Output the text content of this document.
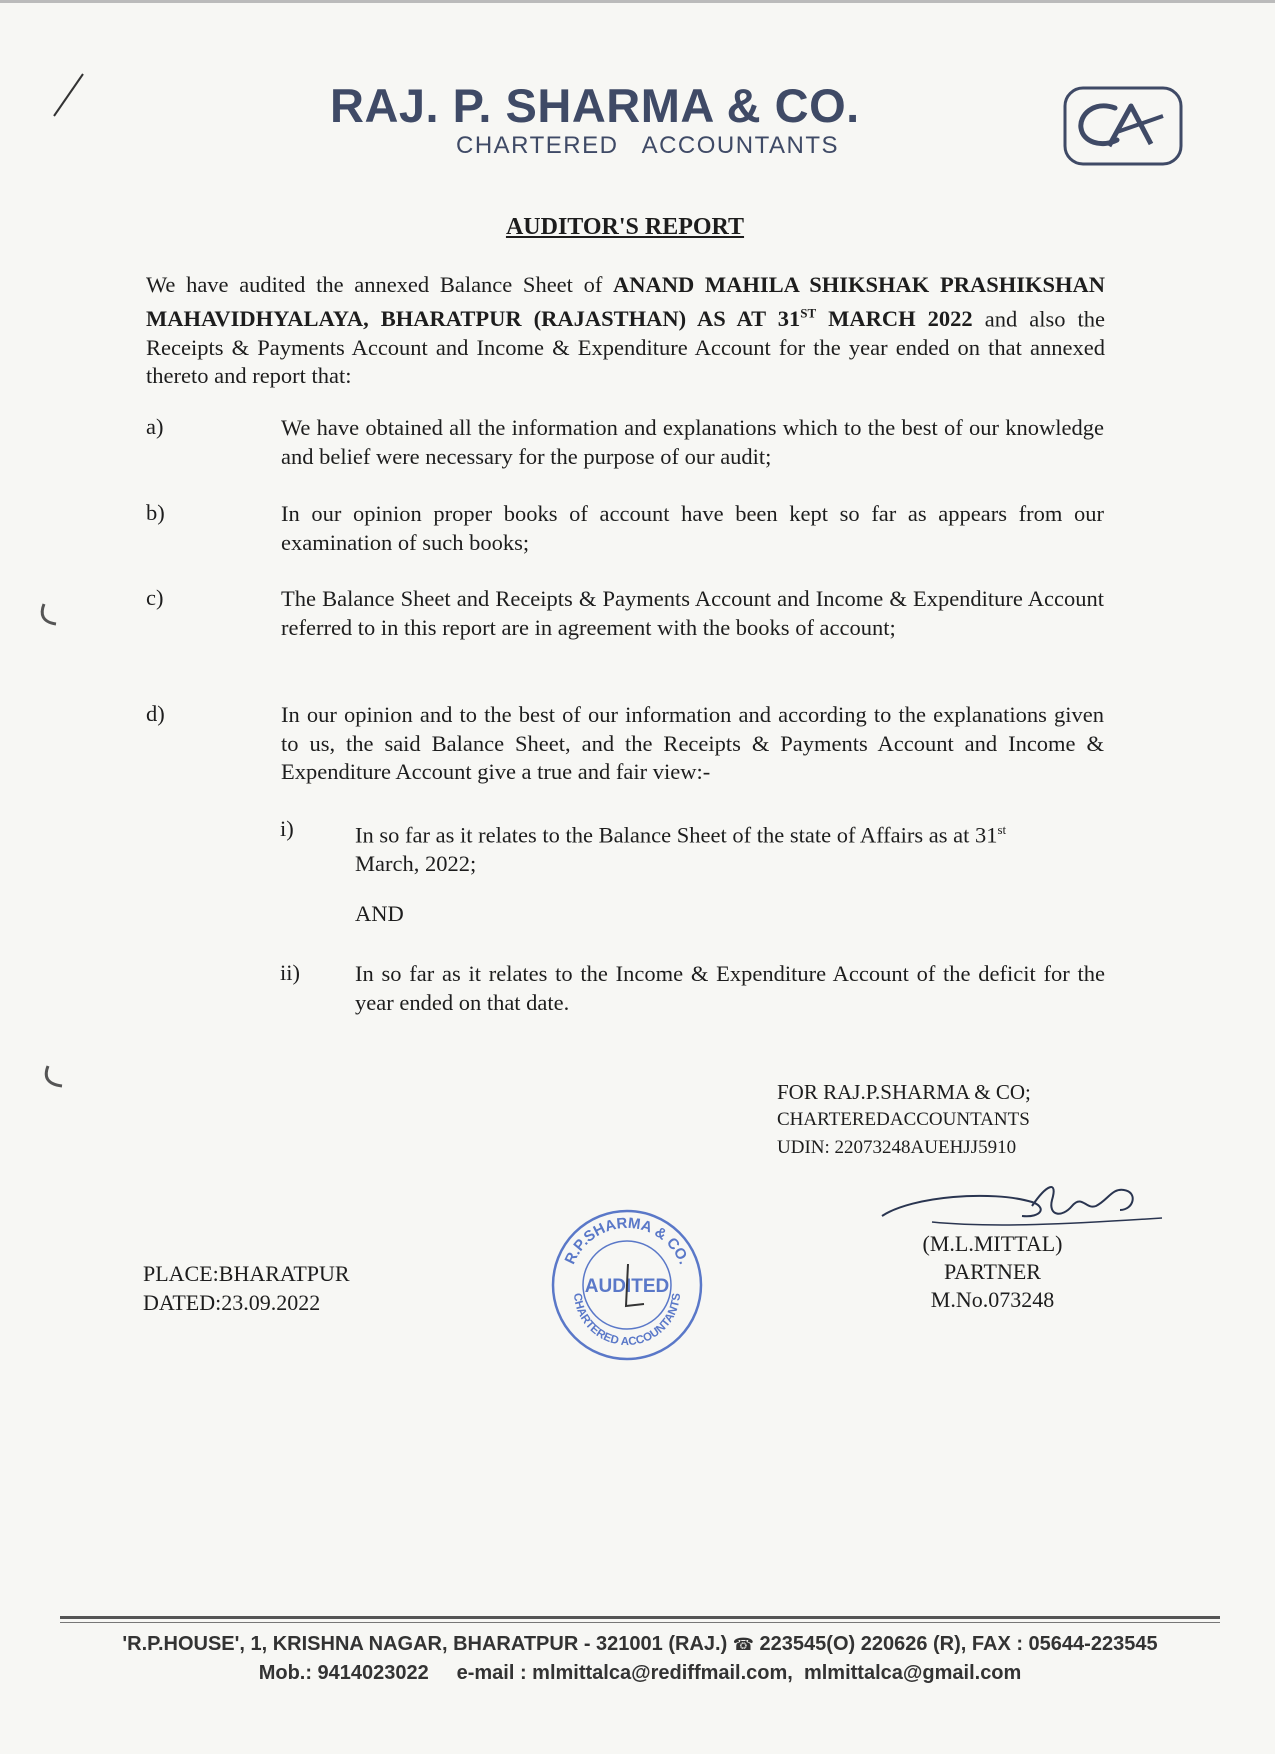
RAJ. P. SHARMA & CO.
CHARTERED   ACCOUNTANTS
AUDITOR'S REPORT
We have audited the annexed Balance Sheet of ANAND MAHILA SHIKSHAK PRASHIKSHAN MAHAVIDHYALAYA, BHARATPUR (RAJASTHAN) AS AT 31ST MARCH 2022 and also the Receipts & Payments Account and Income & Expenditure Account for the year ended on that annexed thereto and report that:
a)	We have obtained all the information and explanations which to the best of our knowledge and belief were necessary for the purpose of our audit;
b)	In our opinion proper books of account have been kept so far as appears from our examination of such books;
c)	The Balance Sheet and Receipts & Payments Account and Income & Expenditure Account referred to in this report are in agreement with the books of account;
d)	In our opinion and to the best of our information and according to the explanations given to us, the said Balance Sheet, and the Receipts & Payments Account and Income & Expenditure Account give a true and fair view:-
i)	In so far as it relates to the Balance Sheet of the state of Affairs as at 31st
March, 2022;
AND
ii) In so far as it relates to the Income & Expenditure Account of the deficit for the year ended on that date.
FOR RAJ.P.SHARMA & CO;
CHARTEREDACCOUNTANTS
UDIN: 22073248AUEHJJ5910
(M.L.MITTAL)
PARTNER
M.No.073248
PLACE:BHARATPUR
DATED:23.09.2022
R.P.SHARMA & CO.
CHARTERED ACCOUNTANTS
AUDITED
'R.P.HOUSE', 1, KRISHNA NAGAR, BHARATPUR - 321001 (RAJ.) ☎ 223545(O) 220626 (R), FAX : 05644-223545
Mob.: 9414023022 e-mail : mlmittalca@rediffmail.com,  mlmittalca@gmail.com
